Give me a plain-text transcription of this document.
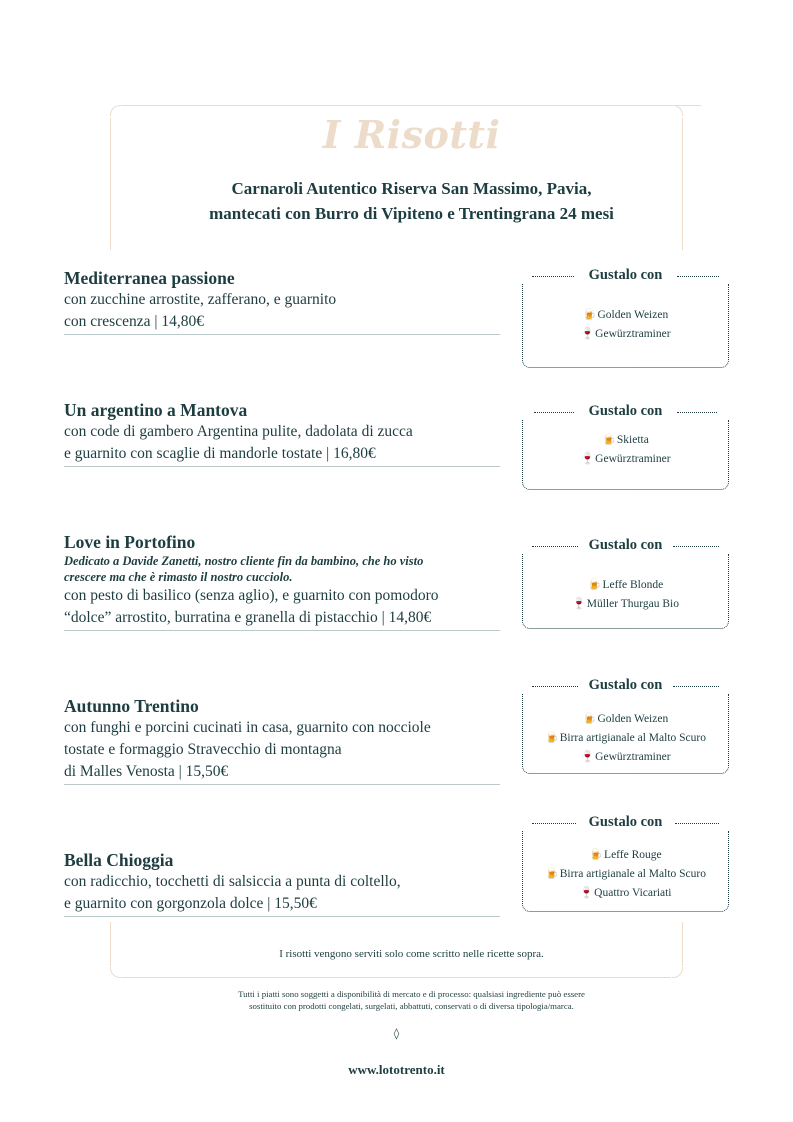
I Risotti
Carnaroli Autentico Riserva San Massimo, Pavia,
mantecati con Burro di Vipiteno e Trentingrana 24 mesi
Mediterranea passione
con zucchine arrostite, zafferano, e guarnito
con crescenza | 14,80€
Gustalo con
🍺Golden Weizen
🍷Gewürztraminer
Un argentino a Mantova
con code di gambero Argentina pulite, dadolata di zucca
e guarnito con scaglie di mandorle tostate | 16,80€
Gustalo con
🍺Skietta
🍷Gewürztraminer
Love in Portofino
Dedicato a Davide Zanetti, nostro cliente fin da bambino, che ho visto
crescere ma che è rimasto il nostro cucciolo.
con pesto di basilico (senza aglio), e guarnito con pomodoro
“dolce” arrostito, burratina e granella di pistacchio | 14,80€
Gustalo con
🍺Leffe Blonde
🍷Müller Thurgau Bio
Autunno Trentino
con funghi e porcini cucinati in casa, guarnito con nocciole
tostate e formaggio Stravecchio di montagna
di Malles Venosta | 15,50€
Gustalo con
🍺Golden Weizen
🍺Birra artigianale al Malto Scuro
🍷Gewürztraminer
Bella Chioggia
con radicchio, tocchetti di salsiccia a punta di coltello,
e guarnito con gorgonzola dolce | 15,50€
Gustalo con
🍺Leffe Rouge
🍺Birra artigianale al Malto Scuro
🍷Quattro Vicariati
I risotti vengono serviti solo come scritto nelle ricette sopra.
Tutti i piatti sono soggetti a disponibilità di mercato e di processo: qualsiasi ingrediente può essere
sostituito con prodotti congelati, surgelati, abbattuti, conservati o di diversa tipologia/marca.
◊
www.lototrento.it
